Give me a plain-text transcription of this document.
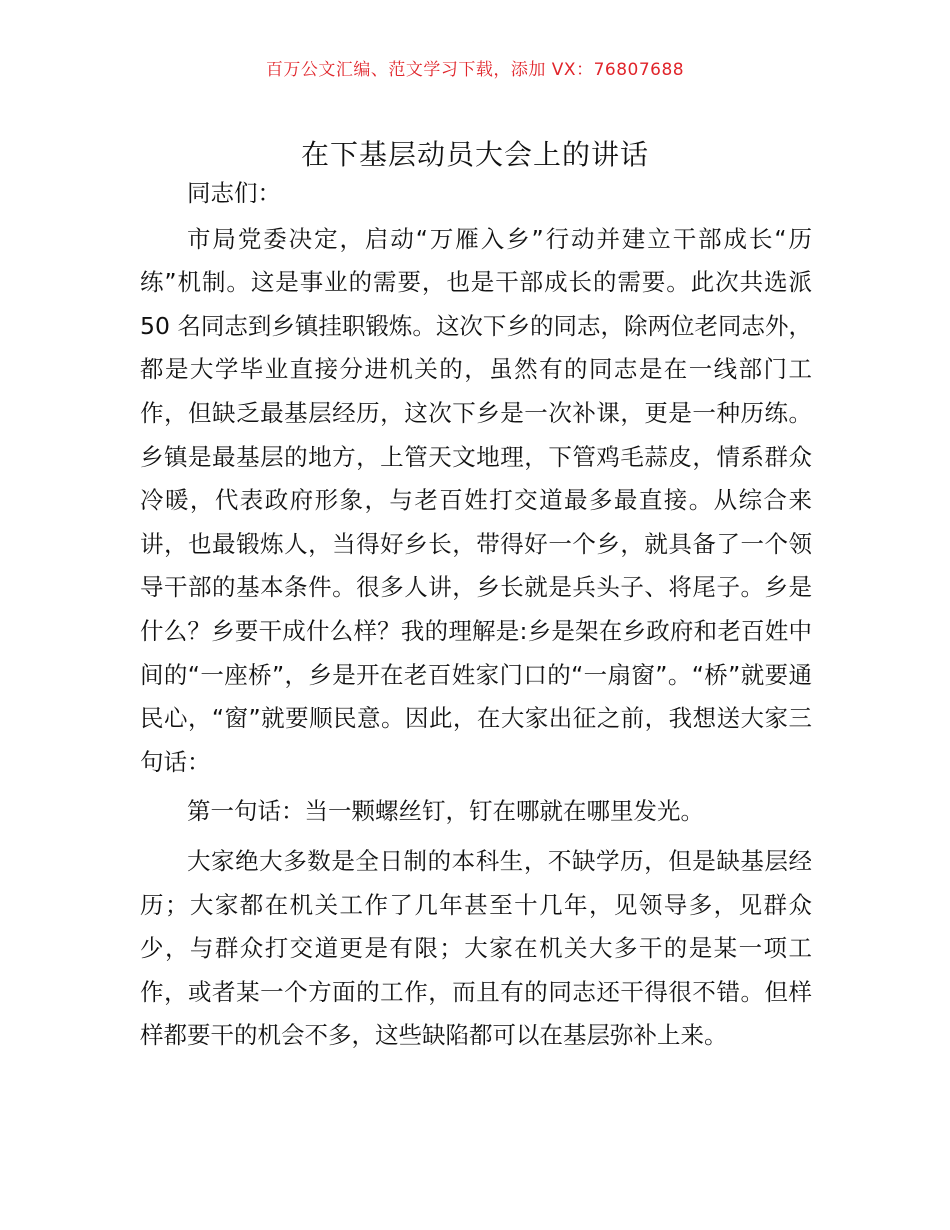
百万公文汇编、范文学习下载，添加 VX：76807688
在下基层动员大会上的讲话

同志们：

市局党委决定，启动“万雁入乡”行动并建立干部成长“历练”机制。这是事业的需要，也是干部成长的需要。此次共选派 50 名同志到乡镇挂职锻炼。这次下乡的同志，除两位老同志外，都是大学毕业直接分进机关的，虽然有的同志是在一线部门工作，但缺乏最基层经历，这次下乡是一次补课，更是一种历练。乡镇是最基层的地方，上管天文地理，下管鸡毛蒜皮，情系群众冷暖，代表政府形象，与老百姓打交道最多最直接。从综合来讲，也最锻炼人，当得好乡长，带得好一个乡，就具备了一个领导干部的基本条件。很多人讲，乡长就是兵头子、将尾子。乡是什么？乡要干成什么样？我的理解是:乡是架在乡政府和老百姓中间的“一座桥”，乡是开在老百姓家门口的“一扇窗”。“桥”就要通民心，“窗”就要顺民意。因此，在大家出征之前，我想送大家三句话：

第一句话：当一颗螺丝钉，钉在哪就在哪里发光。

大家绝大多数是全日制的本科生，不缺学历，但是缺基层经历；大家都在机关工作了几年甚至十几年，见领导多，见群众少，与群众打交道更是有限；大家在机关大多干的是某一项工作，或者某一个方面的工作，而且有的同志还干得很不错。但样样都要干的机会不多，这些缺陷都可以在基层弥补上来。
